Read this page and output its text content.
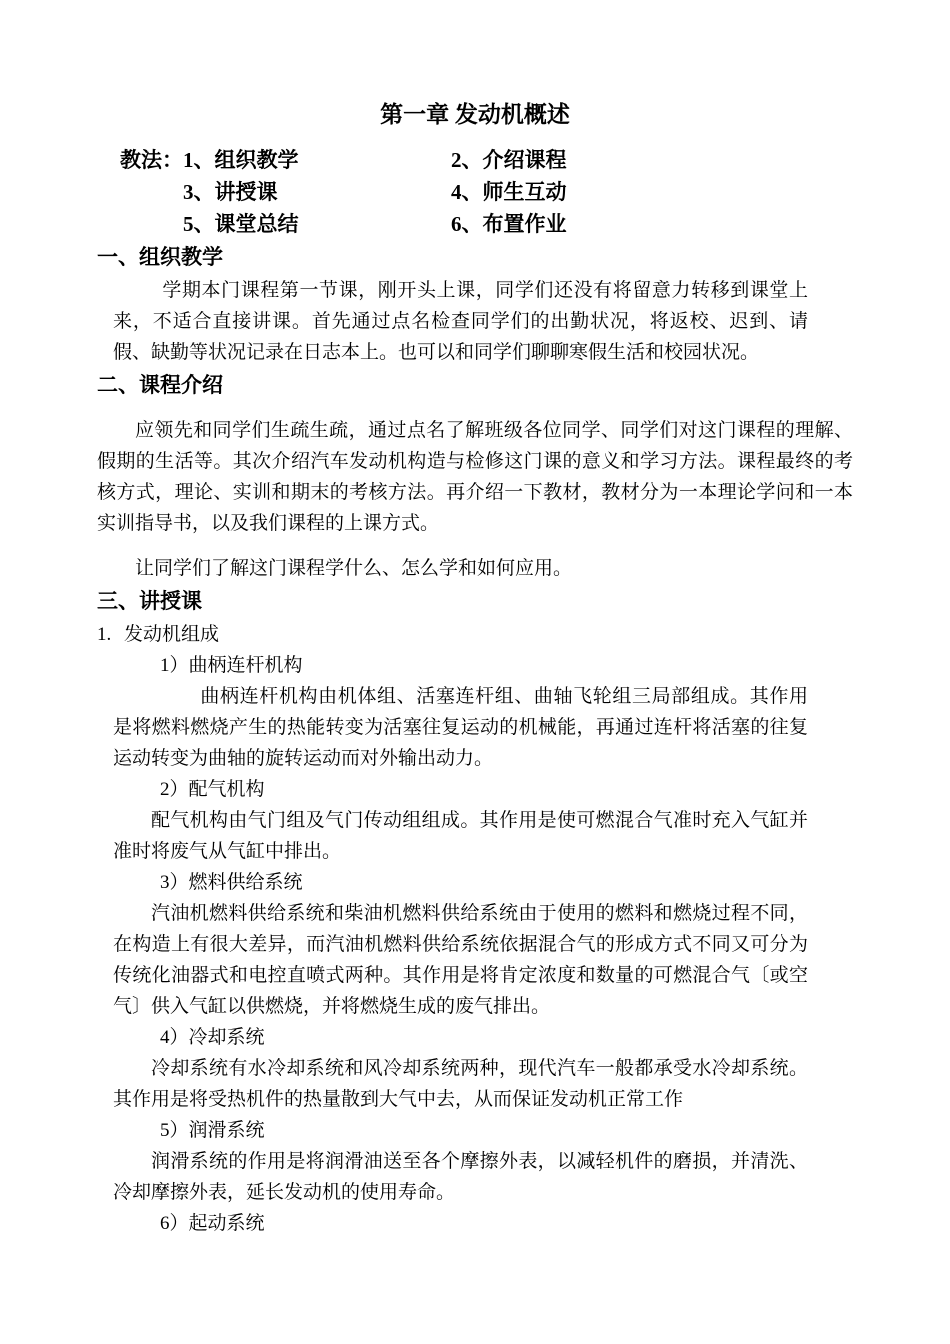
第一章 发动机概述
教法： 1、组织教学	2、介绍课程
3、讲授课	4、师生互动
5、课堂总结	6、布置作业
一、组织教学
学期本门课程第一节课，刚开头上课，同学们还没有将留意力转移到课堂上来，不适合直接讲课。首先通过点名检查同学们的出勤状况，将返校、迟到、请假、缺勤等状况记录在日志本上。也可以和同学们聊聊寒假生活和校园状况。
二、课程介绍
应领先和同学们生疏生疏，通过点名了解班级各位同学、同学们对这门课程的理解、假期的生活等。其次介绍汽车发动机构造与检修这门课的意义和学习方法。课程最终的考核方式，理论、实训和期末的考核方法。再介绍一下教材，教材分为一本理论学问和一本实训指导书，以及我们课程的上课方式。
让同学们了解这门课程学什么、怎么学和如何应用。
三、讲授课
1. 发动机组成
1）曲柄连杆机构
曲柄连杆机构由机体组、活塞连杆组、曲轴飞轮组三局部组成。其作用是将燃料燃烧产生的热能转变为活塞往复运动的机械能，再通过连杆将活塞的往复运动转变为曲轴的旋转运动而对外输出动力。
2）配气机构
配气机构由气门组及气门传动组组成。其作用是使可燃混合气准时充入气缸并准时将废气从气缸中排出。
3）燃料供给系统
汽油机燃料供给系统和柴油机燃料供给系统由于使用的燃料和燃烧过程不同，在构造上有很大差异，而汽油机燃料供给系统依据混合气的形成方式不同又可分为传统化油器式和电控直喷式两种。其作用是将肯定浓度和数量的可燃混合气〔或空气〕供入气缸以供燃烧，并将燃烧生成的废气排出。
4）冷却系统
冷却系统有水冷却系统和风冷却系统两种，现代汽车一般都承受水冷却系统。其作用是将受热机件的热量散到大气中去，从而保证发动机正常工作
5）润滑系统
润滑系统的作用是将润滑油送至各个摩擦外表，以减轻机件的磨损，并清洗、冷却摩擦外表，延长发动机的使用寿命。
6）起动系统
